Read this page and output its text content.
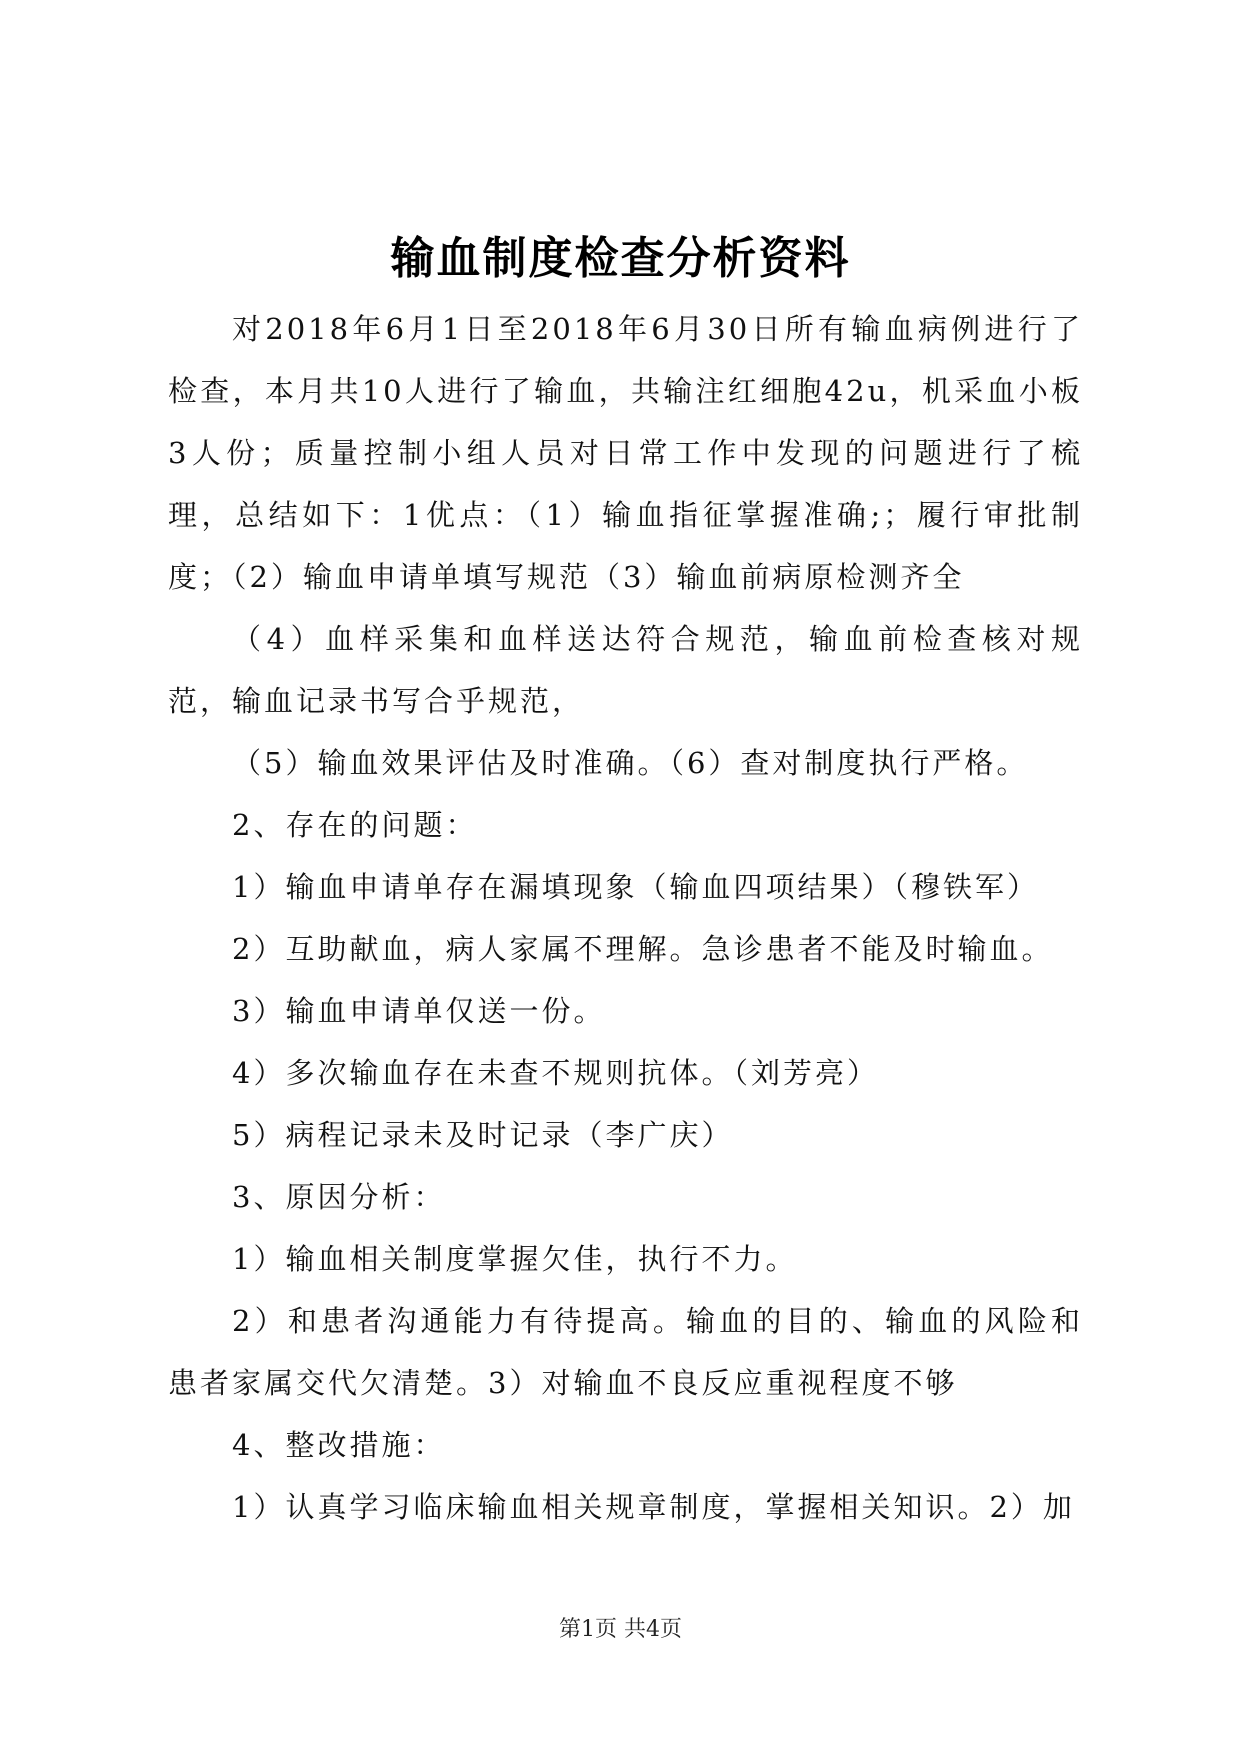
输血制度检查分析资料

对2018年6月1日至2018年6月30日所有输血病例进行了检查，本月共10人进行了输血，共输注红细胞42u，机采血小板3人份；质量控制小组人员对日常工作中发现的问题进行了梳理，总结如下：1优点：（1）输血指征掌握准确;；履行审批制度；（2）输血申请单填写规范（3）输血前病原检测齐全

（4）血样采集和血样送达符合规范，输血前检查核对规范，输血记录书写合乎规范，

（5）输血效果评估及时准确。（6）查对制度执行严格。

2、存在的问题：

1）输血申请单存在漏填现象（输血四项结果）（穆铁军）

2）互助献血，病人家属不理解。急诊患者不能及时输血。

3）输血申请单仅送一份。

4）多次输血存在未查不规则抗体。（刘芳亮）

5）病程记录未及时记录（李广庆）

3、原因分析：

1）输血相关制度掌握欠佳，执行不力。

2）和患者沟通能力有待提高。输血的目的、输血的风险和患者家属交代欠清楚。3）对输血不良反应重视程度不够

4、整改措施：

1）认真学习临床输血相关规章制度，掌握相关知识。2）加

第1页 共4页
